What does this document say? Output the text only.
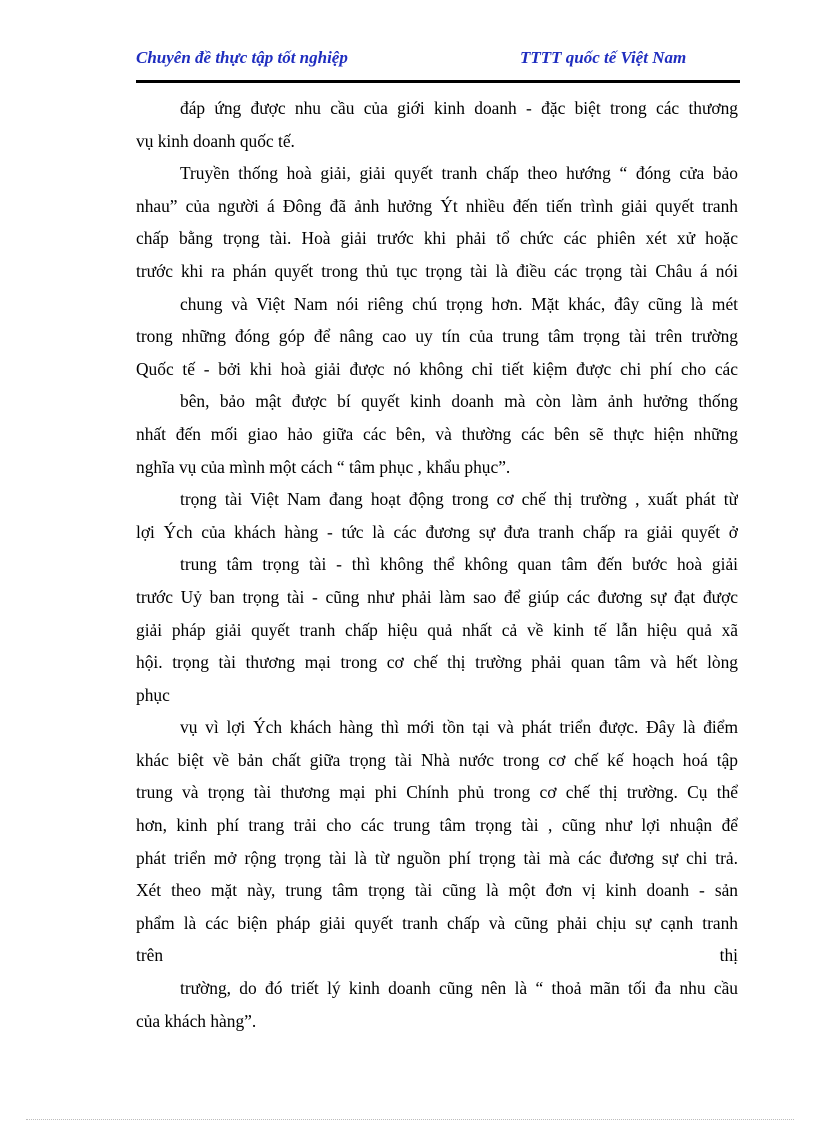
Chuyên đề thực tập tốt nghiệp	TTTT quốc tế Việt Nam
đáp ứng được nhu cầu của giới kinh doanh - đặc biệt trong các thương
vụ kinh doanh quốc tế.
Truyền thống hoà giải, giải quyết tranh chấp theo hướng “ đóng cửa bảo
nhau” của người á Đông đã ảnh hưởng Ýt nhiều đến tiến trình giải quyết tranh
chấp bằng trọng tài. Hoà giải trước khi phải tổ chức các phiên xét xử hoặc
trước khi ra phán quyết trong thủ tục trọng tài là điều các trọng tài Châu á nói
chung và Việt Nam nói riêng chú trọng hơn. Mặt khác, đây cũng là mét
trong những đóng góp để nâng cao uy tín của trung tâm trọng tài trên trường
Quốc tế - bởi khi hoà giải được nó không chỉ tiết kiệm được chi phí cho các
bên, bảo mật được bí quyết kinh doanh mà còn làm ảnh hưởng thống
nhất đến mối giao hảo giữa các bên, và thường các bên sẽ thực hiện những
nghĩa vụ của mình một cách “ tâm phục , khẩu phục”.
trọng tài Việt Nam đang hoạt động trong cơ chế thị trường , xuất phát từ
lợi Ých của khách hàng - tức là các đương sự đưa tranh chấp ra giải quyết ở
trung tâm trọng tài - thì không thể không quan tâm đến bước hoà giải
trước Uỷ ban trọng tài - cũng như phải làm sao để giúp các đương sự đạt được
giải pháp giải quyết tranh chấp hiệu quả nhất cả về kinh tế lẫn hiệu quả xã
hội. trọng tài thương mại trong cơ chế thị trường phải quan tâm và hết lòng
phục
vụ vì lợi Ých khách hàng thì mới tồn tại và phát triển được. Đây là điểm
khác biệt về bản chất giữa trọng tài Nhà nước trong cơ chế kế hoạch hoá tập
trung và trọng tài thương mại phi Chính phủ trong cơ chế thị trường. Cụ thể
hơn, kinh phí trang trải cho các trung tâm trọng tài , cũng như lợi nhuận để
phát triển mở rộng trọng tài là từ nguồn phí trọng tài mà các đương sự chi trả.
Xét theo mặt này, trung tâm trọng tài cũng là một đơn vị kinh doanh - sản
phẩm là các biện pháp giải quyết tranh chấp và cũng phải chịu sự cạnh tranh
trên thị
trường, do đó triết lý kinh doanh cũng nên là “ thoả mãn tối đa nhu cầu
của khách hàng”.
